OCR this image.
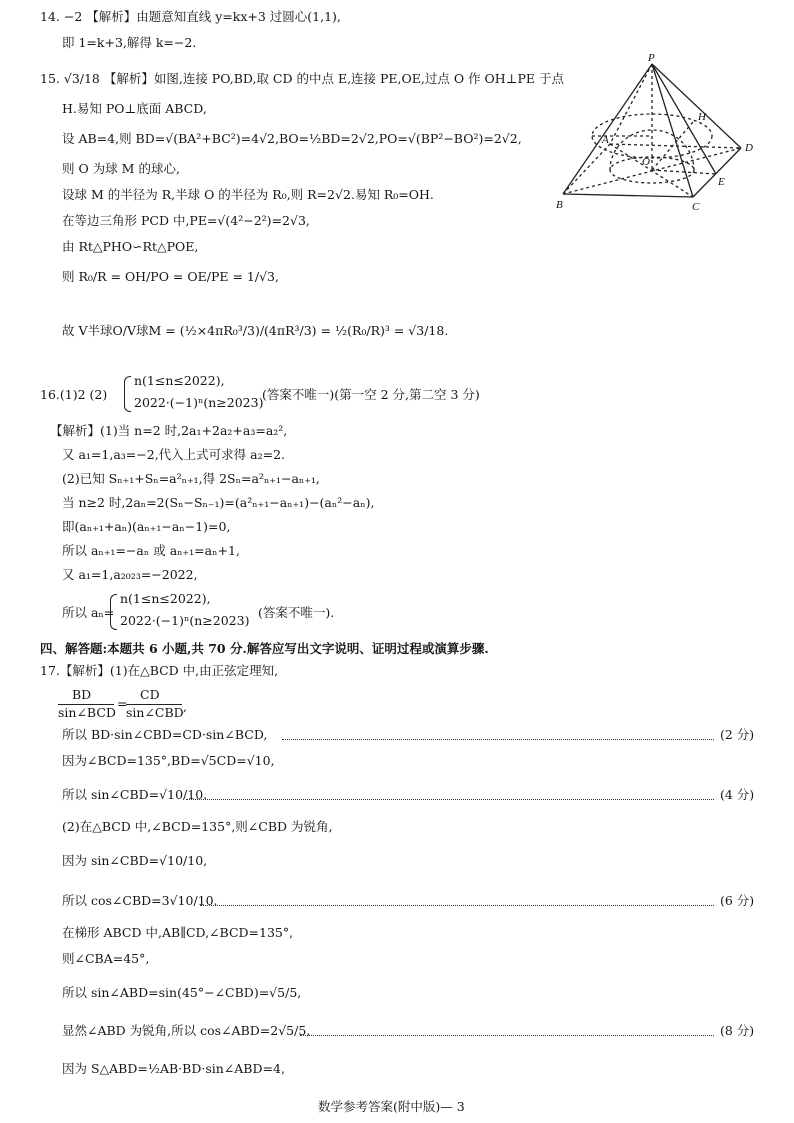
14. −2 【解析】由题意知直线 y=kx+3 过圆心(1,1),
即 1=k+3,解得 k=−2.
15. √3/18 【解析】如图,连接 PO,BD,取 CD 的中点 E,连接 PE,OE,过点 O 作 OH⊥PE 于点
H.易知 PO⊥底面 ABCD,
设 AB=4,则 BD=√(BA²+BC²)=4√2,BO=½BD=2√2,PO=√(BP²−BO²)=2√2,
则 O 为球 M 的球心,
设球 M 的半径为 R,半球 O 的半径为 R₀,则 R=2√2.易知 R₀=OH.
在等边三角形 PCD 中,PE=√(4²−2²)=2√3,
由 Rt△PHO∽Rt△POE,
则 R₀/R = OH/PO = OE/PE = 1/√3,
故 V半球O/V球M = (½×4πR₀³/3)/(4πR³/3) = ½(R₀/R)³ = √3/18.
P
H
A
O
D
E
B	C
16.(1)2 (2)
n(1≤n≤2022),
2022·(−1)ⁿ(n≥2023)
(答案不唯一)(第一空 2 分,第二空 3 分)
【解析】(1)当 n=2 时,2a₁+2a₂+a₃=a₂²,
又 a₁=1,a₃=−2,代入上式可求得 a₂=2.
(2)已知 Sₙ₊₁+Sₙ=a²ₙ₊₁,得 2Sₙ=a²ₙ₊₁−aₙ₊₁,
当 n≥2 时,2aₙ=2(Sₙ−Sₙ₋₁)=(a²ₙ₊₁−aₙ₊₁)−(aₙ²−aₙ),
即(aₙ₊₁+aₙ)(aₙ₊₁−aₙ−1)=0,
所以 aₙ₊₁=−aₙ 或 aₙ₊₁=aₙ+1,
又 a₁=1,a₂₀₂₃=−2022,
所以 aₙ=
n(1≤n≤2022),
2022·(−1)ⁿ(n≥2023)
(答案不唯一).
四、解答题:本题共 6 小题,共 70 分.解答应写出文字说明、证明过程或演算步骤.
17.【解析】(1)在△BCD 中,由正弦定理知,
BD
sin∠BCD
=
CD
sin∠CBD ,
所以 BD·sin∠CBD=CD·sin∠BCD,	(2 分)
因为∠BCD=135°,BD=√5CD=√10,
所以 sin∠CBD=√10/10.	(4 分)
(2)在△BCD 中,∠BCD=135°,则∠CBD 为锐角,
因为 sin∠CBD=√10/10,
所以 cos∠CBD=3√10/10.	(6 分)
在梯形 ABCD 中,AB∥CD,∠BCD=135°,
则∠CBA=45°,
所以 sin∠ABD=sin(45°−∠CBD)=√5/5,
显然∠ABD 为锐角,所以 cos∠ABD=2√5/5,	(8 分)
因为 S△ABD=½AB·BD·sin∠ABD=4,
数学参考答案(附中版)— 3
